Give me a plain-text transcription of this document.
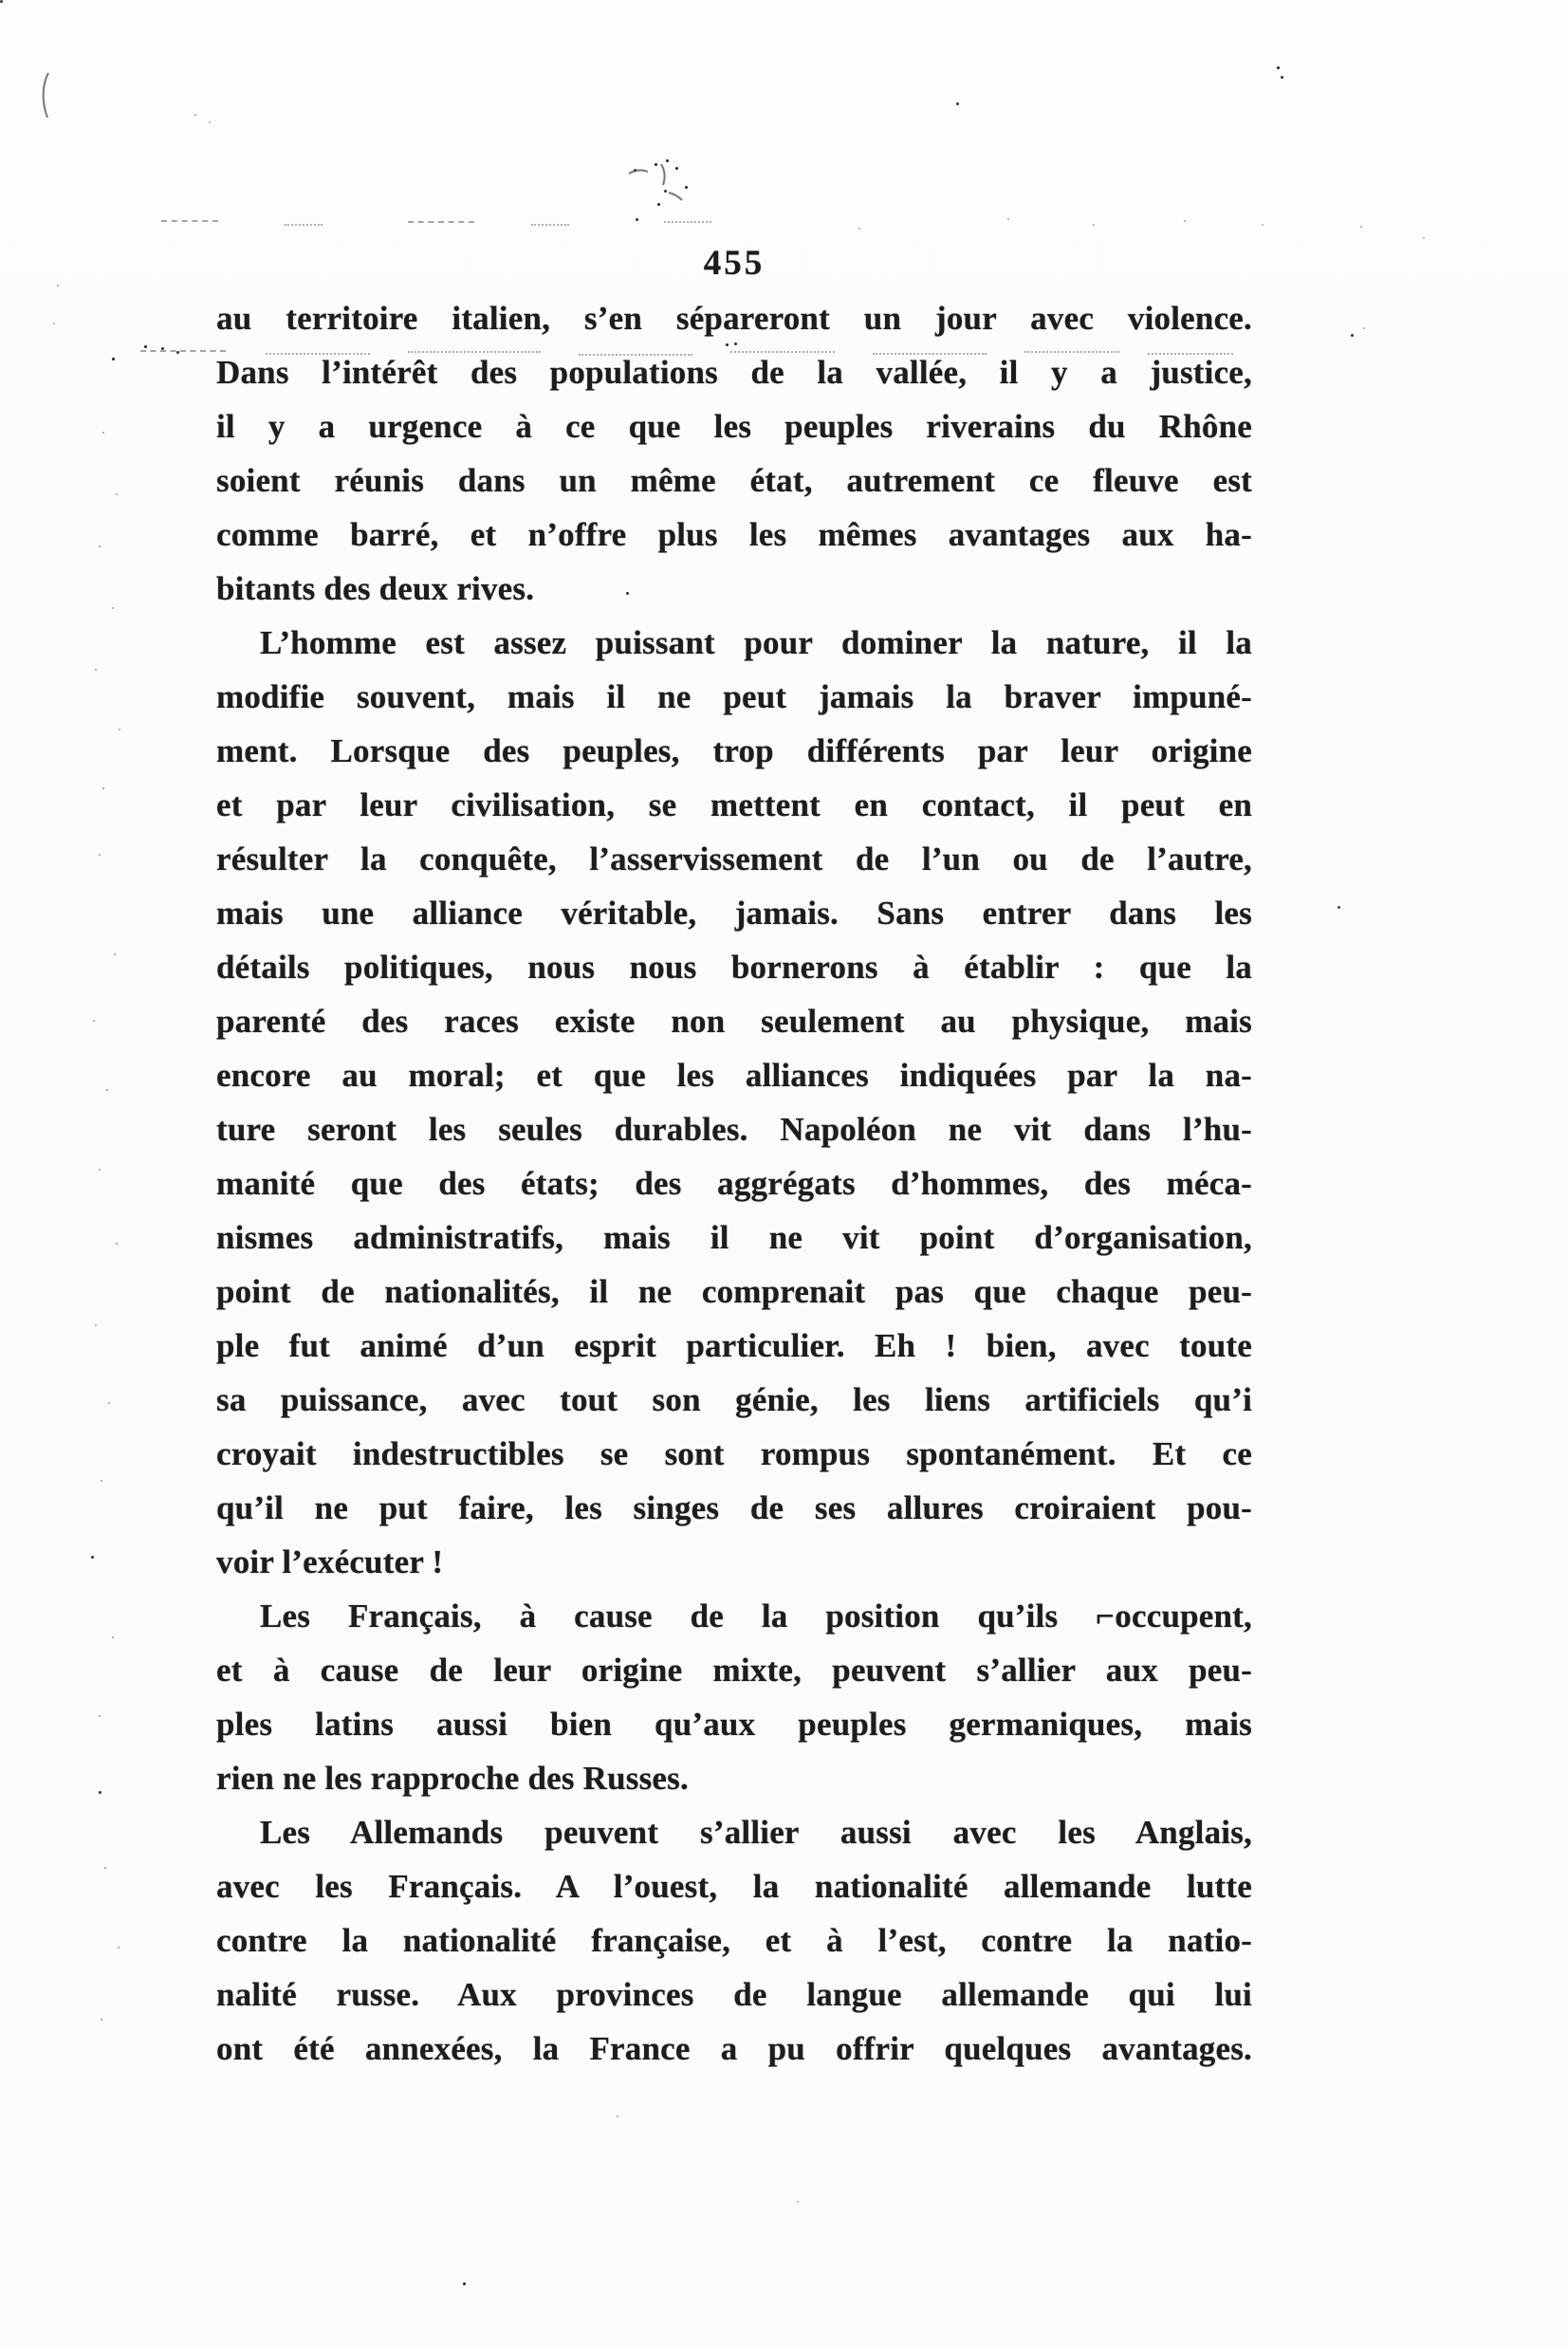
455
au territoire italien, s’en sépareront un jour avec violence.
Dans l’intérêt des populations de la vallée, il y a justice,
il y a urgence à ce que les peuples riverains du Rhône
soient réunis dans un même état, autrement ce fleuve est
comme barré, et n’offre plus les mêmes avantages aux ha-
bitants des deux rives.
L’homme est assez puissant pour dominer la nature, il la
modifie souvent, mais il ne peut jamais la braver impuné-
ment. Lorsque des peuples, trop différents par leur origine
et par leur civilisation, se mettent en contact, il peut en
résulter la conquête, l’asservissement de l’un ou de l’autre,
mais une alliance véritable, jamais. Sans entrer dans les
détails politiques, nous nous bornerons à établir : que la
parenté des races existe non seulement au physique, mais
encore au moral; et que les alliances indiquées par la na-
ture seront les seules durables. Napoléon ne vit dans l’hu-
manité que des états; des aggrégats d’hommes, des méca-
nismes administratifs, mais il ne vit point d’organisation,
point de nationalités, il ne comprenait pas que chaque peu-
ple fut animé d’un esprit particulier. Eh ! bien, avec toute
sa puissance, avec tout son génie, les liens artificiels qu’i
croyait indestructibles se sont rompus spontanément. Et ce
qu’il ne put faire, les singes de ses allures croiraient pou-
voir l’exécuter !
Les Français, à cause de la position qu’ils ⌐occupent,
et à cause de leur origine mixte, peuvent s’allier aux peu-
ples latins aussi bien qu’aux peuples germaniques, mais
rien ne les rapproche des Russes.
Les Allemands peuvent s’allier aussi avec les Anglais,
avec les Français. A l’ouest, la nationalité allemande lutte
contre la nationalité française, et à l’est, contre la natio-
nalité russe. Aux provinces de langue allemande qui lui
ont été annexées, la France a pu offrir quelques avantages.
